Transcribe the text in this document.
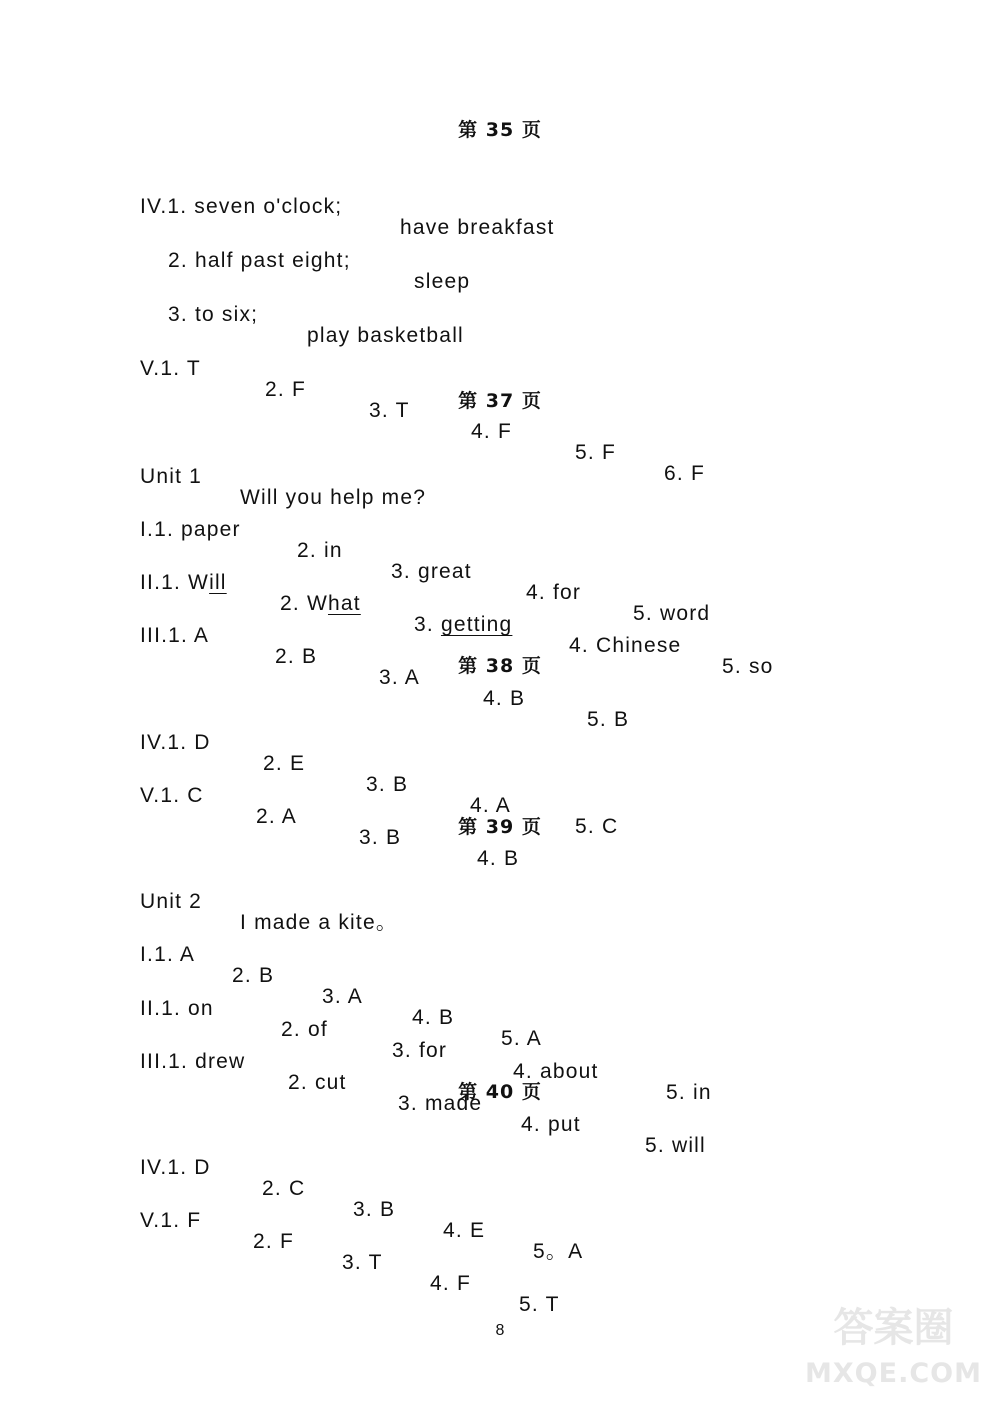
第 35 页

IV.1. seven o'clock;

have breakfast

2. half past eight;

sleep

3. to six;

play basketball

V.1. T

2. F

3. T

4. F

5. F

6. F

第 37 页

Unit 1

Will you help me?

I.1. paper

2. in

3. great

4. for

5. word

II.1. Will

2. What

3. getting

4. Chinese

5. so

III.1. A

2. B

3. A

4. B

5. B

第 38 页

IV.1. D

2. E

3. B

4. A

5. C

V.1. C

2. A

3. B

4. B

第 39 页

Unit 2

I made a kite。

I.1. A

2. B

3. A

4. B

5. A

II.1. on

2. of

3. for

4. about

5. in

III.1. drew

2. cut

3. made

4. put

5. will

第 40 页

IV.1. D

2. C

3. B

4. E

5。A

V.1. F

2. F

3. T

4. F

5. T

8	答案圈
MXQE.COM
